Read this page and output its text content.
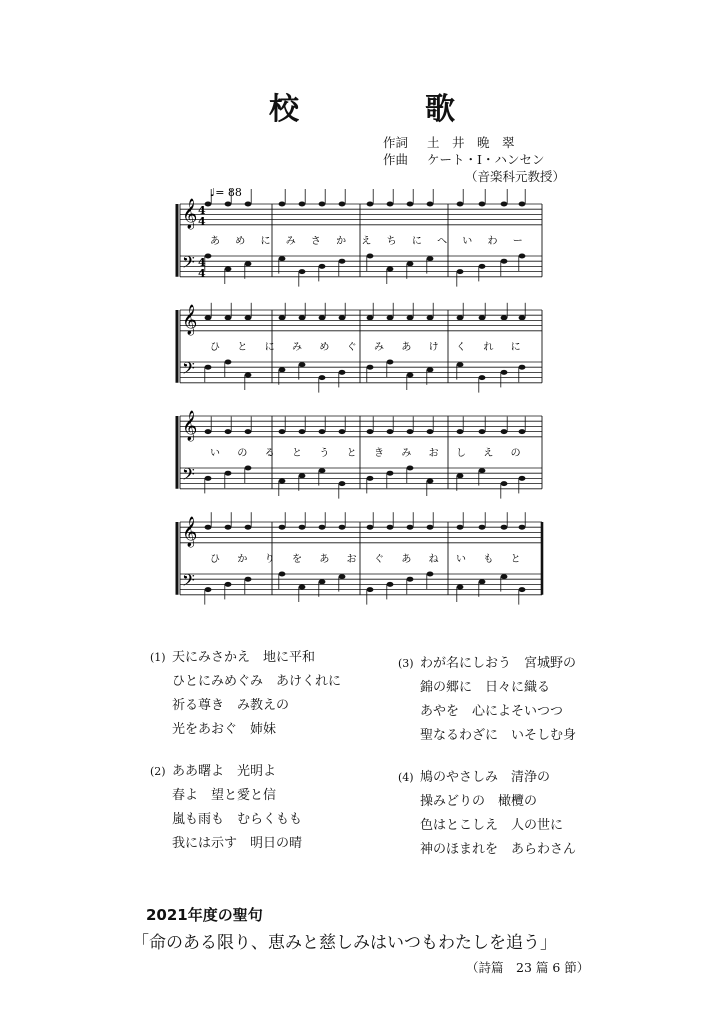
校　歌
作詞 土　井　晩　翠
作曲 ケート・I・ハンセン
（音楽科元教授）
𝄞
𝄢
あ め に み さ か え ち に へ い わ ー
𝄞
𝄢
ひ と に み め ぐ み あ け く れ に
𝄞
𝄢
い の る と う と き み お し え の
𝄞
𝄢
ひ か り を あ お ぐ あ ね い も と
♩= 88
4
4
4
4
(1) 天にみさかえ　地に平和
ひとにみめぐみ　あけくれに
祈る尊き　み教えの
光をあおぐ　姉妹
(2) ああ曙よ　光明よ
春よ　望と愛と信
嵐も雨も　むらくもも
我には示す　明日の晴
(3) わが名にしおう　宮城野の
錦の郷に　日々に織る
あやを　心によそいつつ
聖なるわざに　いそしむ身
(4) 鳩のやさしみ　清浄の
操みどりの　橄欖の
色はとこしえ　人の世に
神のほまれを　あらわさん
2021年度の聖句
「命のある限り、恵みと慈しみはいつもわたしを追う」
（詩篇　23 篇 6 節）
